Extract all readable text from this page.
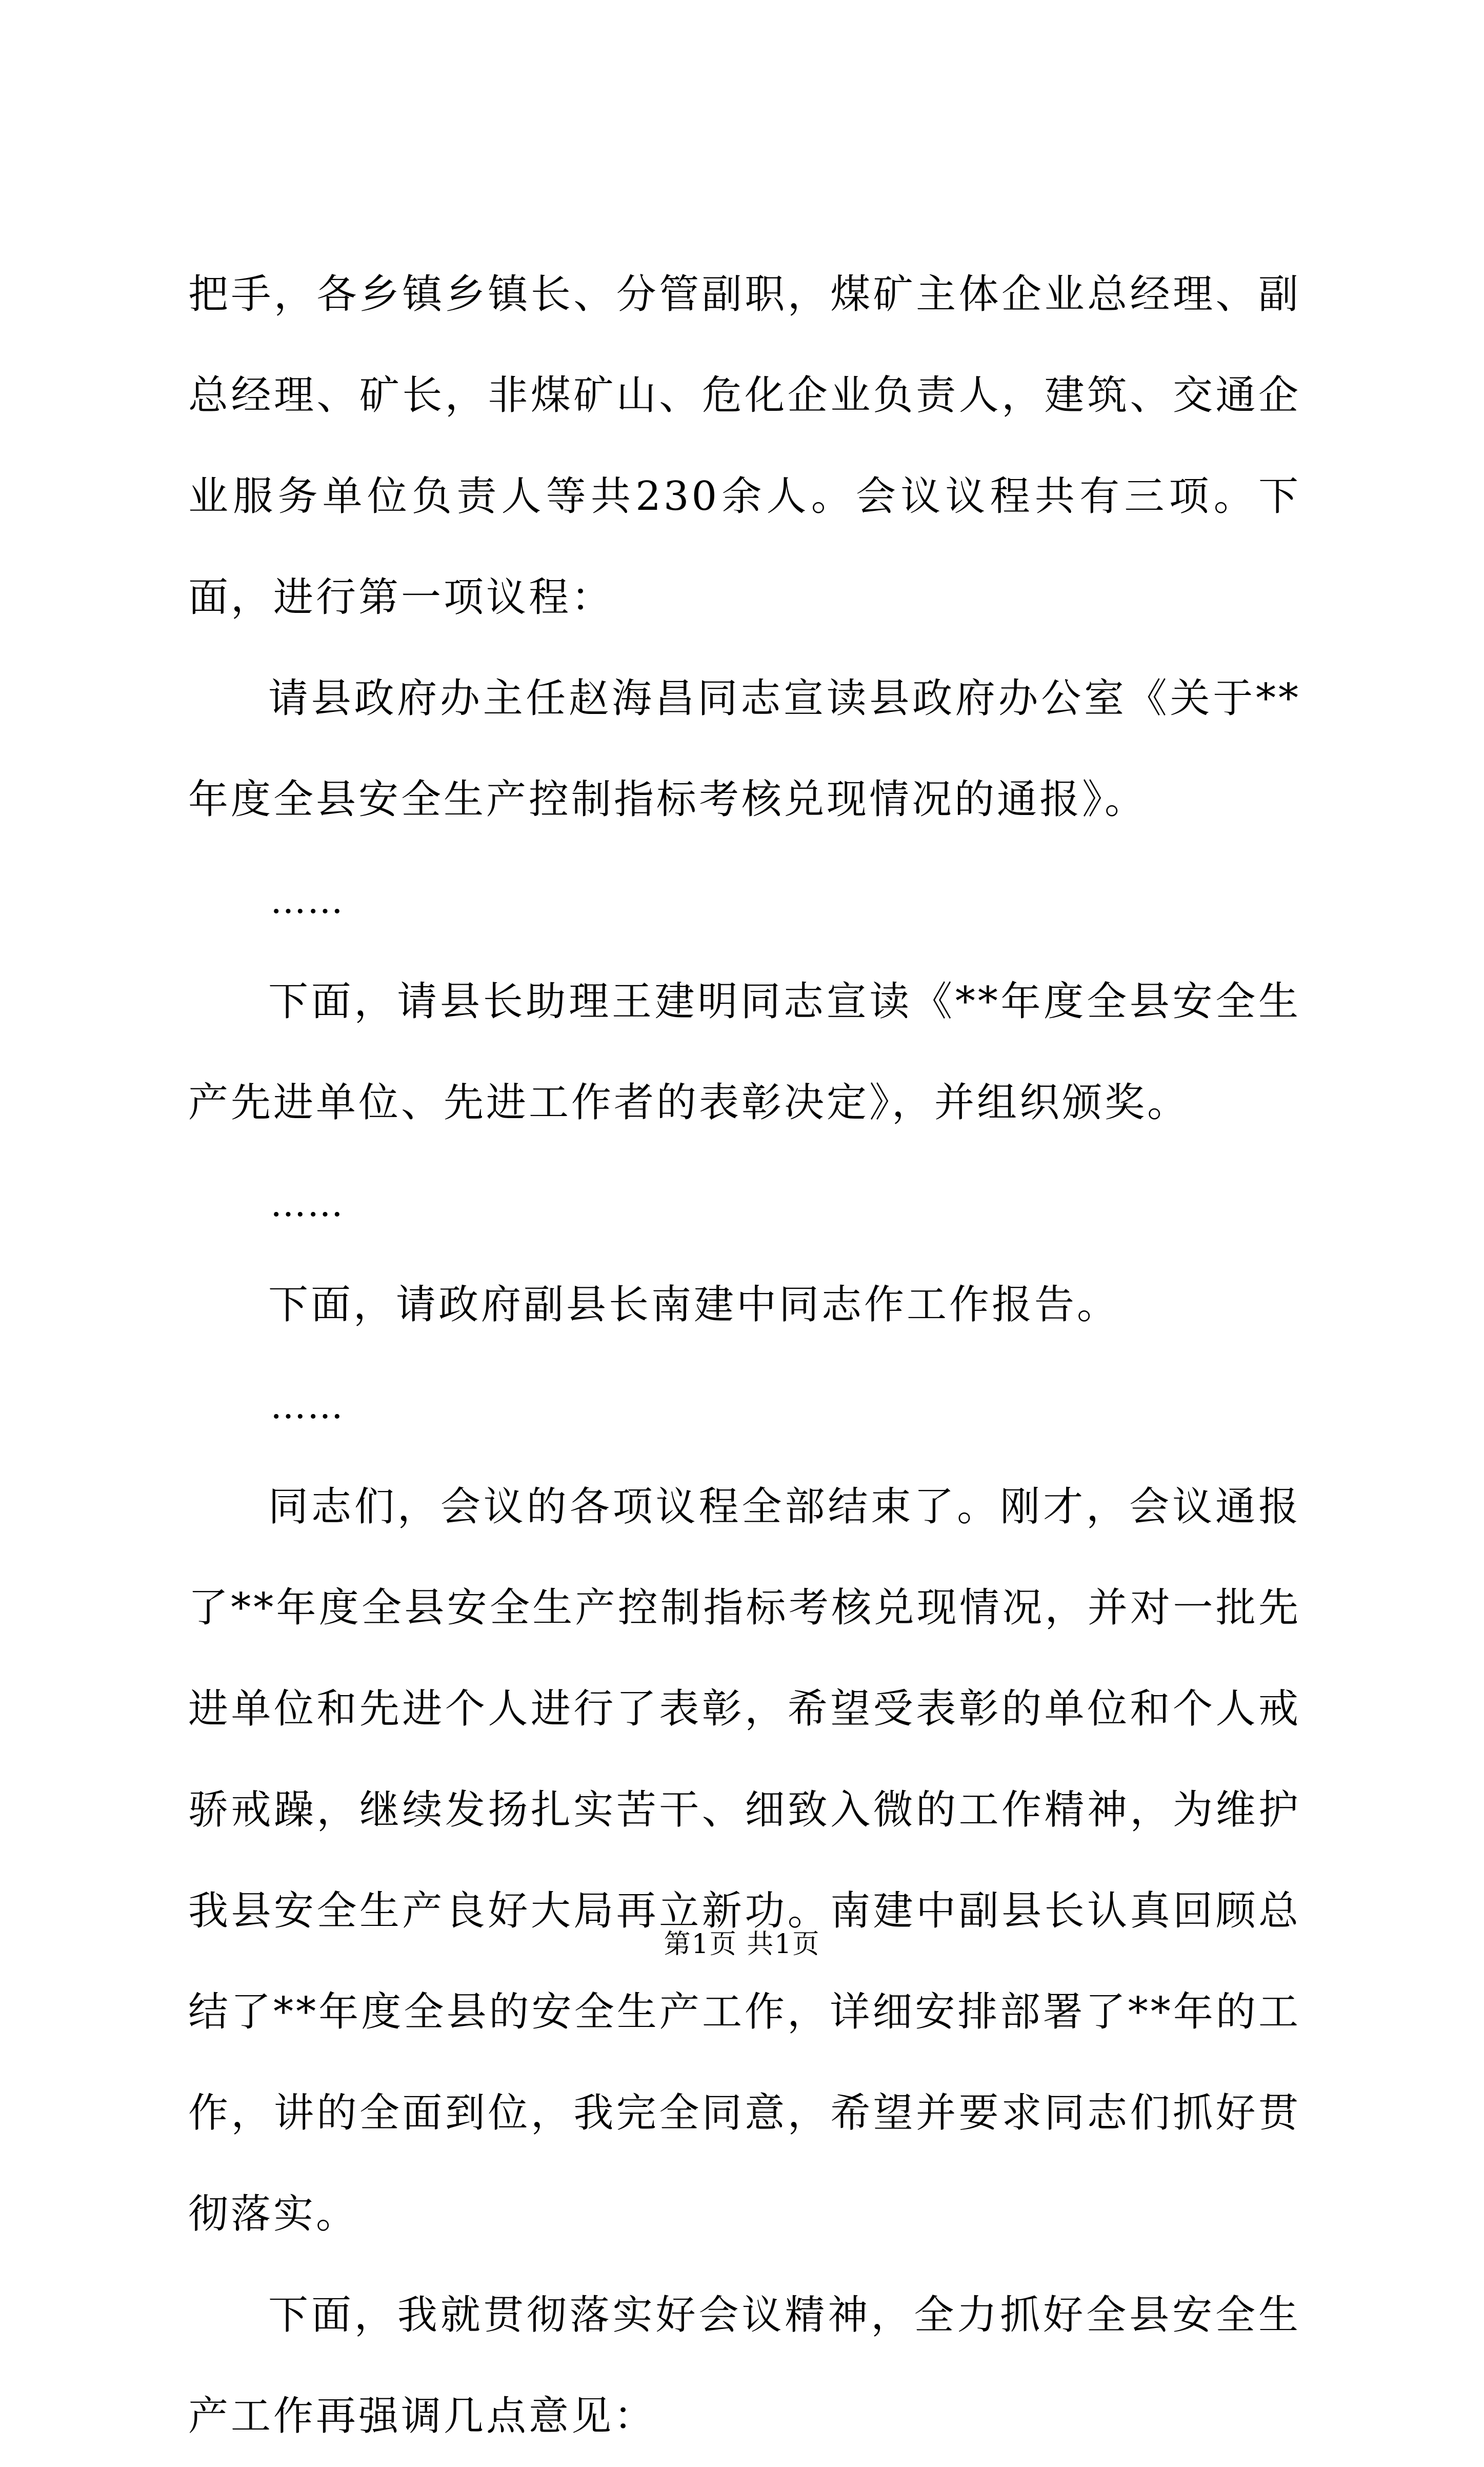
把手，各乡镇乡镇长、分管副职，煤矿主体企业总经理、副总经理、矿长，非煤矿山、危化企业负责人，建筑、交通企业服务单位负责人等共230余人。会议议程共有三项。下面，进行第一项议程：

请县政府办主任赵海昌同志宣读县政府办公室《关于**年度全县安全生产控制指标考核兑现情况的通报》。

……

下面，请县长助理王建明同志宣读《**年度全县安全生产先进单位、先进工作者的表彰决定》，并组织颁奖。

……

下面，请政府副县长南建中同志作工作报告。

……

同志们，会议的各项议程全部结束了。刚才，会议通报了**年度全县安全生产控制指标考核兑现情况，并对一批先进单位和先进个人进行了表彰，希望受表彰的单位和个人戒骄戒躁，继续发扬扎实苦干、细致入微的工作精神，为维护我县安全生产良好大局再立新功。南建中副县长认真回顾总结了**年度全县的安全生产工作，详细安排部署了**年的工作，讲的全面到位，我完全同意，希望并要求同志们抓好贯彻落实。

下面，我就贯彻落实好会议精神，全力抓好全县安全生产工作再强调几点意见：

第1页 共1页
